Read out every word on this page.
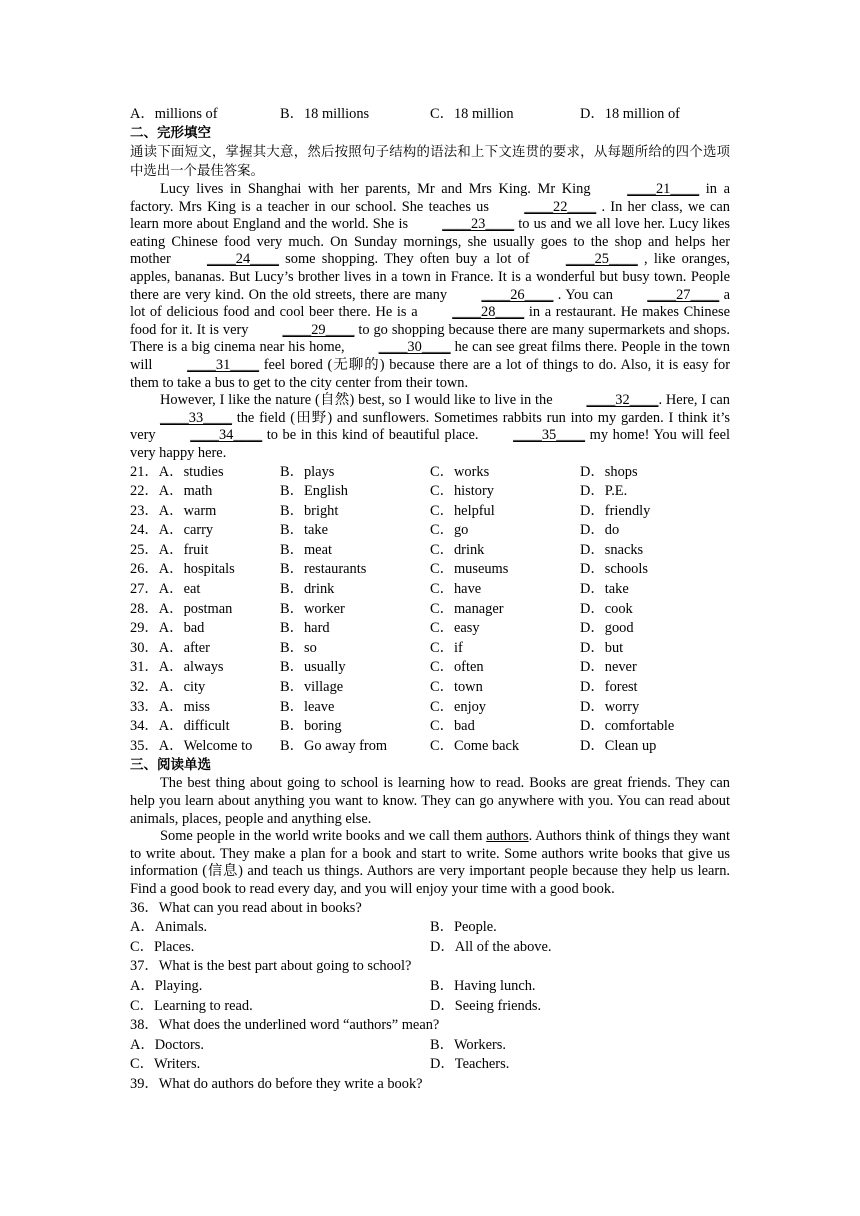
A．millions of	B．18 millions	C．18 million	D．18 million of
二、完形填空

通读下面短文，掌握其大意，然后按照句子结构的语法和上下文连贯的要求，从每题所给的四个选项中选出一个最佳答案。

Lucy lives in Shanghai with her parents, Mr and Mrs King. Mr King ____21____ in a factory. Mrs King is a teacher in our school. She teaches us ____22____ . In her class, we can learn more about England and the world. She is ____23____ to us and we all love her. Lucy likes eating Chinese food very much. On Sunday mornings, she usually goes to the shop and helps her mother ____24____ some shopping. They often buy a lot of ____25____ , like oranges, apples, bananas. But Lucy’s brother lives in a town in France. It is a wonderful but busy town. People there are very kind. On the old streets, there are many ____26____ . You can ____27____ a lot of delicious food and cool beer there. He is a ____28____ in a restaurant. He makes Chinese food for it. It is very ____29____ to go shopping because there are many supermarkets and shops. There is a big cinema near his home, ____30____ he can see great films there. People in the town will ____31____ feel bored (无聊的) because there are a lot of things to do. Also, it is easy for them to take a bus to get to the city center from their town.

However, I like the nature (自然) best, so I would like to live in the ____32____. Here, I can ____33____ the field (田野) and sunflowers. Sometimes rabbits run into my garden. I think it’s very ____34____ to be in this kind of beautiful place. ____35____ my home! You will feel very happy here.

21．A．studies	B．plays	C．works	D．shops
22．A．math	B．English	C．history	D．P.E.
23．A．warm	B．bright	C．helpful	D．friendly
24．A．carry	B．take	C．go	D．do
25．A．fruit	B．meat	C．drink	D．snacks
26．A．hospitals	B．restaurants	C．museums	D．schools
27．A．eat	B．drink	C．have	D．take
28．A．postman	B．worker	C．manager	D．cook
29．A．bad	B．hard	C．easy	D．good
30．A．after	B．so	C．if	D．but
31．A．always	B．usually	C．often	D．never
32．A．city	B．village	C．town	D．forest
33．A．miss	B．leave	C．enjoy	D．worry
34．A．difficult	B．boring	C．bad	D．comfortable
35．A．Welcome to	B．Go away from	C．Come back	D．Clean up
三、阅读单选

The best thing about going to school is learning how to read. Books are great friends. They can help you learn about anything you want to know. They can go anywhere with you. You can read about animals, places, people and anything else.

Some people in the world write books and we call them authors. Authors think of things they want to write about. They make a plan for a book and start to write. Some authors write books that give us information (信息) and teach us things. Authors are very important people because they help us learn. Find a good book to read every day, and you will enjoy your time with a good book.

36．What can you read about in books?
A．Animals.	B．People.
C．Places.	D．All of the above.
37．What is the best part about going to school?
A．Playing.	B．Having lunch.
C．Learning to read.	D．Seeing friends.
38．What does the underlined word “authors” mean?
A．Doctors.	B．Workers.
C．Writers.	D．Teachers.
39．What do authors do before they write a book?
